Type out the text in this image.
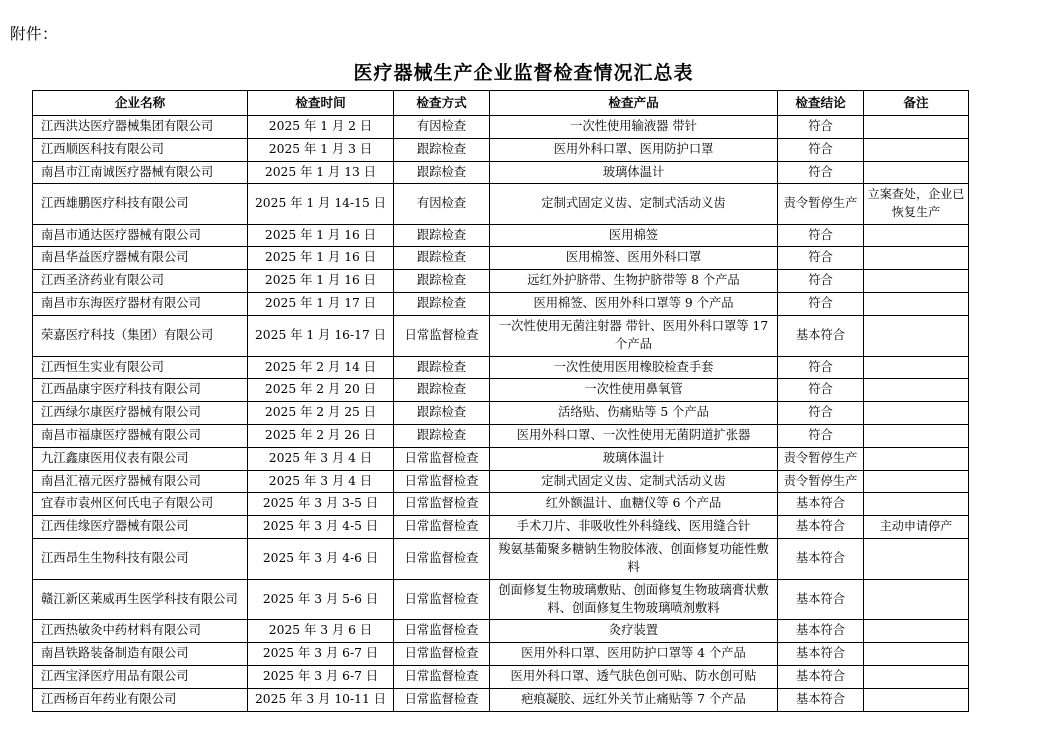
附件：
医疗器械生产企业监督检查情况汇总表
企业名称	检查时间	检查方式	检查产品	检查结论	备注
江西洪达医疗器械集团有限公司	2025 年 1 月 2 日	有因检查	一次性使用输液器 带针	符合	
江西顺医科技有限公司	2025 年 1 月 3 日	跟踪检查	医用外科口罩、医用防护口罩	符合	
南昌市江南诚医疗器械有限公司	2025 年 1 月 13 日	跟踪检查	玻璃体温计	符合	
江西雄鹏医疗科技有限公司	2025 年 1 月 14-15 日	有因检查	定制式固定义齿、定制式活动义齿	责令暂停生产	立案查处，企业已恢复生产
南昌市通达医疗器械有限公司	2025 年 1 月 16 日	跟踪检查	医用棉签	符合	
南昌华益医疗器械有限公司	2025 年 1 月 16 日	跟踪检查	医用棉签、医用外科口罩	符合	
江西圣济药业有限公司	2025 年 1 月 16 日	跟踪检查	远红外护脐带、生物护脐带等 8 个产品	符合	
南昌市东海医疗器材有限公司	2025 年 1 月 17 日	跟踪检查	医用棉签、医用外科口罩等 9 个产品	符合	
荣嘉医疗科技（集团）有限公司	2025 年 1 月 16-17 日	日常监督检查	一次性使用无菌注射器 带针、医用外科口罩等 17 个产品	基本符合	
江西恒生实业有限公司	2025 年 2 月 14 日	跟踪检查	一次性使用医用橡胶检查手套	符合	
江西晶康宇医疗科技有限公司	2025 年 2 月 20 日	跟踪检查	一次性使用鼻氧管	符合	
江西绿尔康医疗器械有限公司	2025 年 2 月 25 日	跟踪检查	活络贴、伤痛贴等 5 个产品	符合	
南昌市福康医疗器械有限公司	2025 年 2 月 26 日	跟踪检查	医用外科口罩、一次性使用无菌阴道扩张器	符合	
九江鑫康医用仪表有限公司	2025 年 3 月 4 日	日常监督检查	玻璃体温计	责令暂停生产	
南昌汇禧元医疗器械有限公司	2025 年 3 月 4 日	日常监督检查	定制式固定义齿、定制式活动义齿	责令暂停生产	
宜春市袁州区何氏电子有限公司	2025 年 3 月 3-5 日	日常监督检查	红外额温计、血糖仪等 6 个产品	基本符合	
江西佳缘医疗器械有限公司	2025 年 3 月 4-5 日	日常监督检查	手术刀片、非吸收性外科缝线、医用缝合针	基本符合	主动申请停产
江西昂生生物科技有限公司	2025 年 3 月 4-6 日	日常监督检查	羧氨基葡聚多糖钠生物胶体液、创面修复功能性敷料	基本符合	
赣江新区莱威再生医学科技有限公司	2025 年 3 月 5-6 日	日常监督检查	创面修复生物玻璃敷贴、创面修复生物玻璃膏状敷料、创面修复生物玻璃喷剂敷料	基本符合	
江西热敏灸中药材料有限公司	2025 年 3 月 6 日	日常监督检查	灸疗装置	基本符合	
南昌铁路装备制造有限公司	2025 年 3 月 6-7 日	日常监督检查	医用外科口罩、医用防护口罩等 4 个产品	基本符合	
江西宝泽医疗用品有限公司	2025 年 3 月 6-7 日	日常监督检查	医用外科口罩、透气肤色创可贴、防水创可贴	基本符合	
江西杨百年药业有限公司	2025 年 3 月 10-11 日	日常监督检查	疤痕凝胶、远红外关节止痛贴等 7 个产品	基本符合	
